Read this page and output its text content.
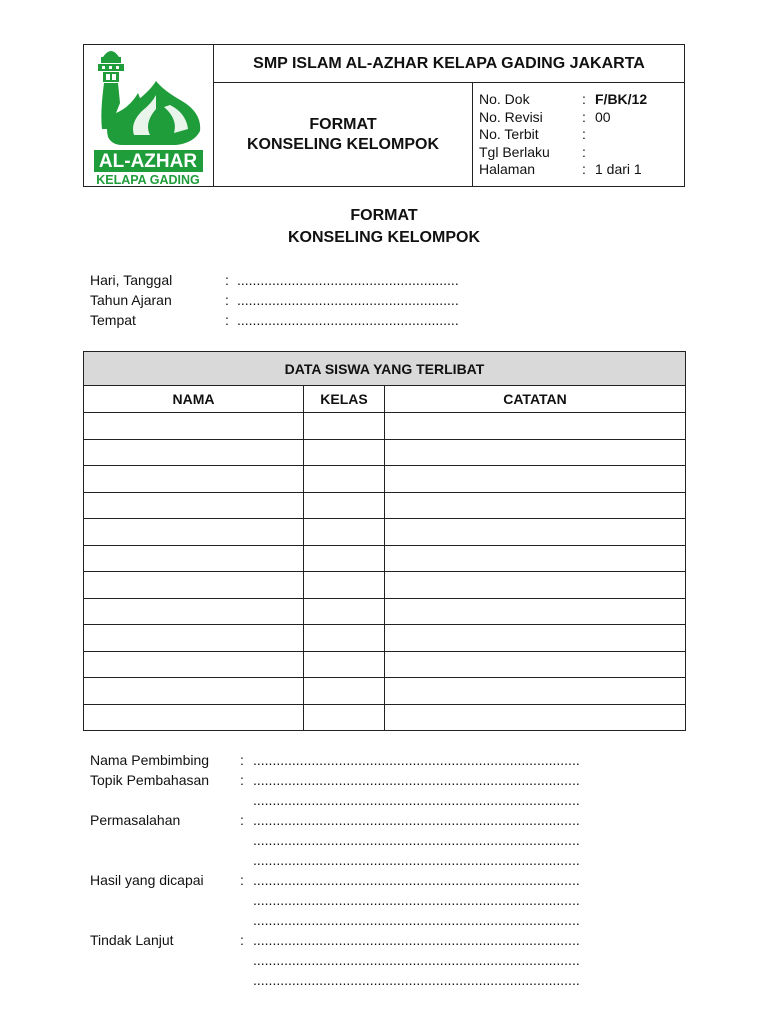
AL-AZHAR
KELAPA GADING
SMP ISLAM AL-AZHAR KELAPA GADING JAKARTA
FORMAT
KONSELING KELOMPOK
No. Dok	: F/BK/12
No. Revisi	: 00
No. Terbit	:
Tgl Berlaku	:
Halaman	: 1 dari 1
FORMAT
KONSELING KELOMPOK
Hari, Tanggal	: .........................................................
Tahun Ajaran	: .........................................................
Tempat	: .........................................................
DATA SISWA YANG TERLIBAT		
NAMA	KELAS	CATATAN

Nama Pembimbing	: ....................................................................................
Topik Pembahasan	: ....................................................................................
....................................................................................
Permasalahan	: ....................................................................................
....................................................................................
....................................................................................
Hasil yang dicapai	: ....................................................................................
....................................................................................
....................................................................................
Tindak Lanjut	: ....................................................................................
....................................................................................
....................................................................................
